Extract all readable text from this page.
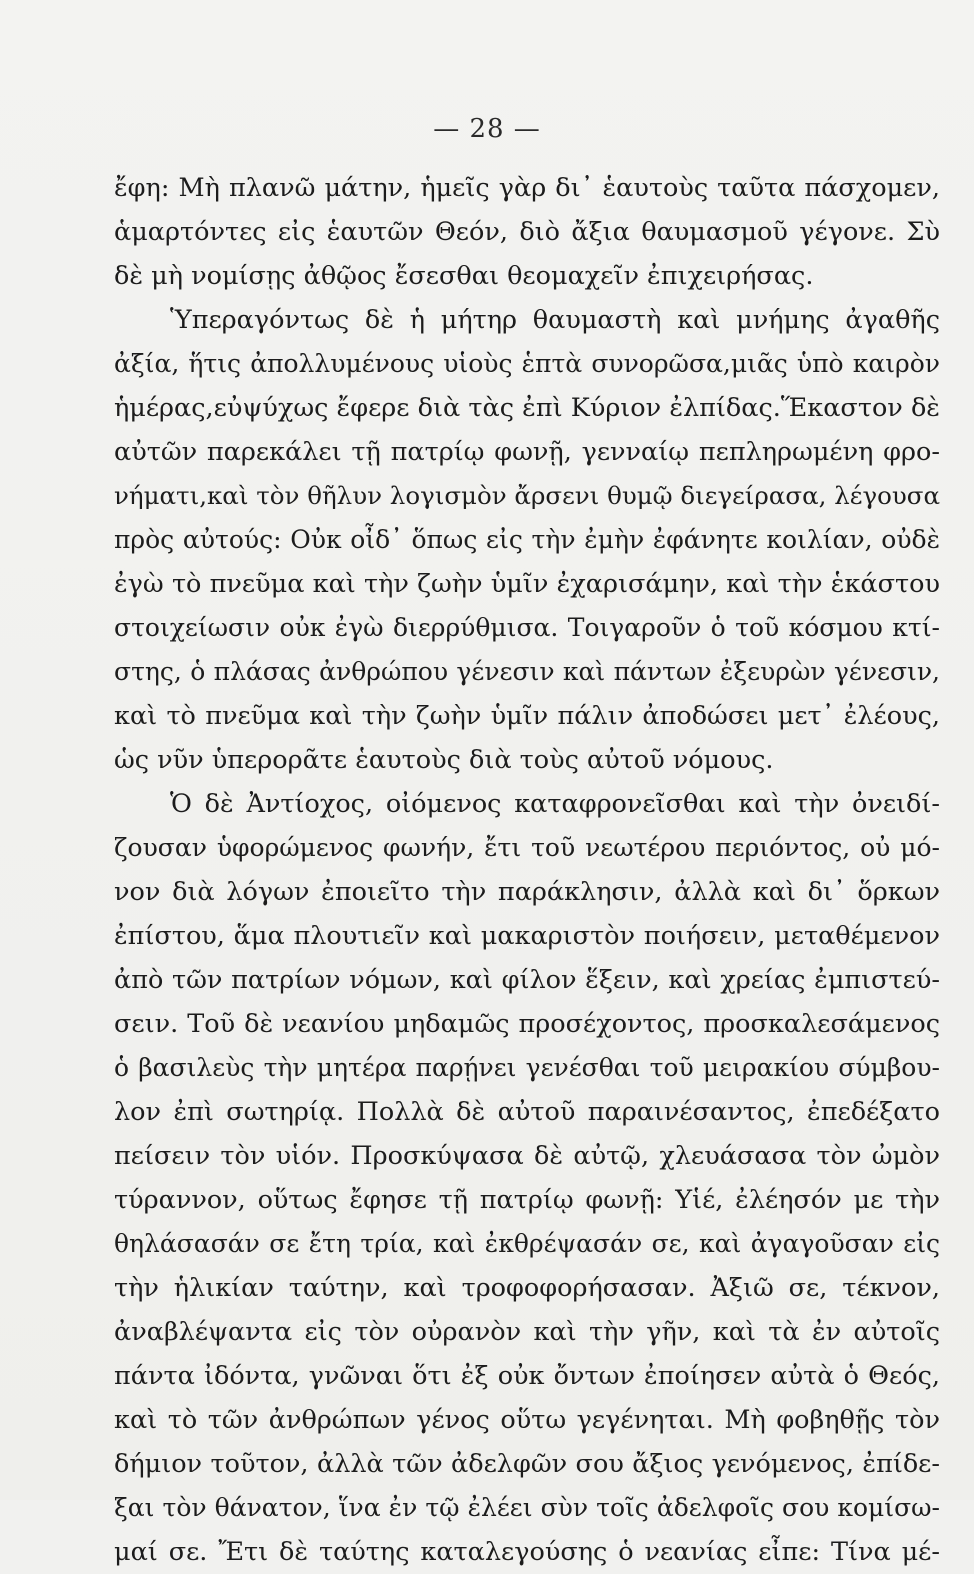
— 28 —
ἔφη: Μὴ πλανῶ μάτην, ἡμεῖς γὰρ δι᾽ ἑαυτοὺς ταῦτα πάσχομεν,
ἁμαρτόντες εἰς ἑαυτῶν Θεόν, διὸ ἄξια θαυμασμοῦ γέγονε. Σὺ
δὲ μὴ νομίσῃς ἀθῷος ἔσεσθαι θεομαχεῖν ἐπιχειρήσας.
Ὑπεραγόντως δὲ ἡ μήτηρ θαυμαστὴ καὶ μνήμης ἀγαθῆς
ἀξία, ἥτις ἀπολλυμένους υἱοὺς ἑπτὰ συνορῶσα,μιᾶς ὑπὸ καιρὸν
ἡμέρας,εὐψύχως ἔφερε διὰ τὰς ἐπὶ Κύριον ἐλπίδας.Ἕκαστον δὲ
αὐτῶν παρεκάλει τῇ πατρίῳ φωνῇ, γενναίῳ πεπληρωμένη φρο-
νήματι,καὶ τὸν θῆλυν λογισμὸν ἄρσενι θυμῷ διεγείρασα, λέγουσα
πρὸς αὐτούς: Οὐκ οἶδ᾽ ὅπως εἰς τὴν ἐμὴν ἐφάνητε κοιλίαν, οὐδὲ
ἐγὼ τὸ πνεῦμα καὶ τὴν ζωὴν ὑμῖν ἐχαρισάμην, καὶ τὴν ἑκάστου
στοιχείωσιν οὐκ ἐγὼ διερρύθμισα. Τοιγαροῦν ὁ τοῦ κόσμου κτί-
στης, ὁ πλάσας ἀνθρώπου γένεσιν καὶ πάντων ἐξευρὼν γένεσιν,
καὶ τὸ πνεῦμα καὶ τὴν ζωὴν ὑμῖν πάλιν ἀποδώσει μετ᾽ ἐλέους,
ὡς νῦν ὑπερορᾶτε ἑαυτοὺς διὰ τοὺς αὐτοῦ νόμους.
Ὁ δὲ Ἀντίοχος, οἰόμενος καταφρονεῖσθαι καὶ τὴν ὀνειδί-
ζουσαν ὑφορώμενος φωνήν, ἔτι τοῦ νεωτέρου περιόντος, οὐ μό-
νον διὰ λόγων ἐποιεῖτο τὴν παράκλησιν, ἀλλὰ καὶ δι᾽ ὅρκων
ἐπίστου, ἅμα πλουτιεῖν καὶ μακαριστὸν ποιήσειν, μεταθέμενον
ἀπὸ τῶν πατρίων νόμων, καὶ φίλον ἕξειν, καὶ χρείας ἐμπιστεύ-
σειν. Τοῦ δὲ νεανίου μηδαμῶς προσέχοντος, προσκαλεσάμενος
ὁ βασιλεὺς τὴν μητέρα παρῄνει γενέσθαι τοῦ μειρακίου σύμβου-
λον ἐπὶ σωτηρίᾳ. Πολλὰ δὲ αὐτοῦ παραινέσαντος, ἐπεδέξατο
πείσειν τὸν υἱόν. Προσκύψασα δὲ αὐτῷ, χλευάσασα τὸν ὠμὸν
τύραννον, οὕτως ἔφησε τῇ πατρίῳ φωνῇ: Υἱέ, ἐλέησόν με τὴν
θηλάσασάν σε ἔτη τρία, καὶ ἐκθρέψασάν σε, καὶ ἀγαγοῦσαν εἰς
τὴν ἡλικίαν ταύτην, καὶ τροφοφορήσασαν. Ἀξιῶ σε, τέκνον,
ἀναβλέψαντα εἰς τὸν οὐρανὸν καὶ τὴν γῆν, καὶ τὰ ἐν αὐτοῖς
πάντα ἰδόντα, γνῶναι ὅτι ἐξ οὐκ ὄντων ἐποίησεν αὐτὰ ὁ Θεός,
καὶ τὸ τῶν ἀνθρώπων γένος οὕτω γεγένηται. Μὴ φοβηθῇς τὸν
δήμιον τοῦτον, ἀλλὰ τῶν ἀδελφῶν σου ἄξιος γενόμενος, ἐπίδε-
ξαι τὸν θάνατον, ἵνα ἐν τῷ ἐλέει σὺν τοῖς ἀδελφοῖς σου κομίσω-
μαί σε. Ἔτι δὲ ταύτης καταλεγούσης ὁ νεανίας εἶπε: Τίνα μέ-
